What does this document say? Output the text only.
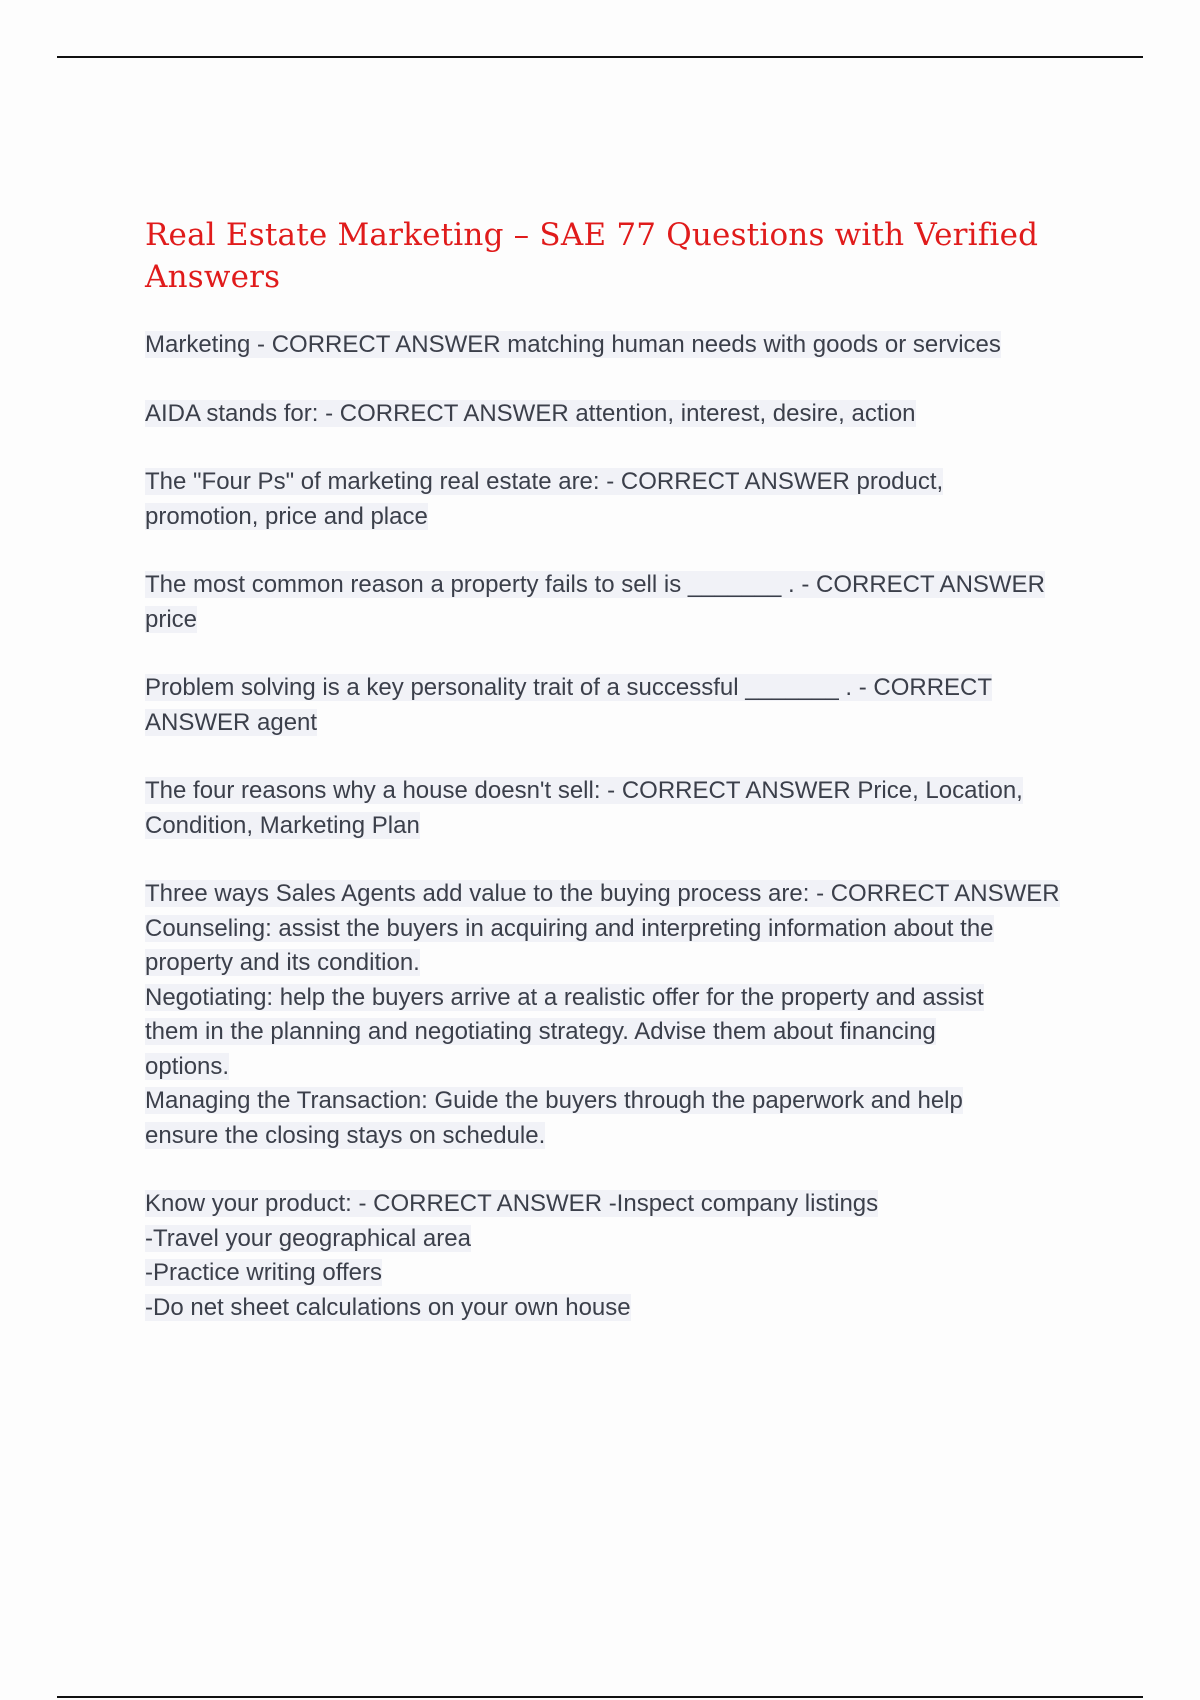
Real Estate Marketing – SAE 77 Questions with Verified Answers
Marketing - CORRECT ANSWER matching human needs with goods or services
AIDA stands for: - CORRECT ANSWER attention, interest, desire, action
The "Four Ps" of marketing real estate are: - CORRECT ANSWER product,
promotion, price and place
The most common reason a property fails to sell is _______ . - CORRECT ANSWER
price
Problem solving is a key personality trait of a successful _______ . - CORRECT
ANSWER agent
The four reasons why a house doesn't sell: - CORRECT ANSWER Price, Location,
Condition, Marketing Plan
Three ways Sales Agents add value to the buying process are: - CORRECT ANSWER
Counseling: assist the buyers in acquiring and interpreting information about the
property and its condition.
Negotiating: help the buyers arrive at a realistic offer for the property and assist
them in the planning and negotiating strategy. Advise them about financing
options.
Managing the Transaction: Guide the buyers through the paperwork and help
ensure the closing stays on schedule.
Know your product: - CORRECT ANSWER -Inspect company listings
-Travel your geographical area
-Practice writing offers
-Do net sheet calculations on your own house
